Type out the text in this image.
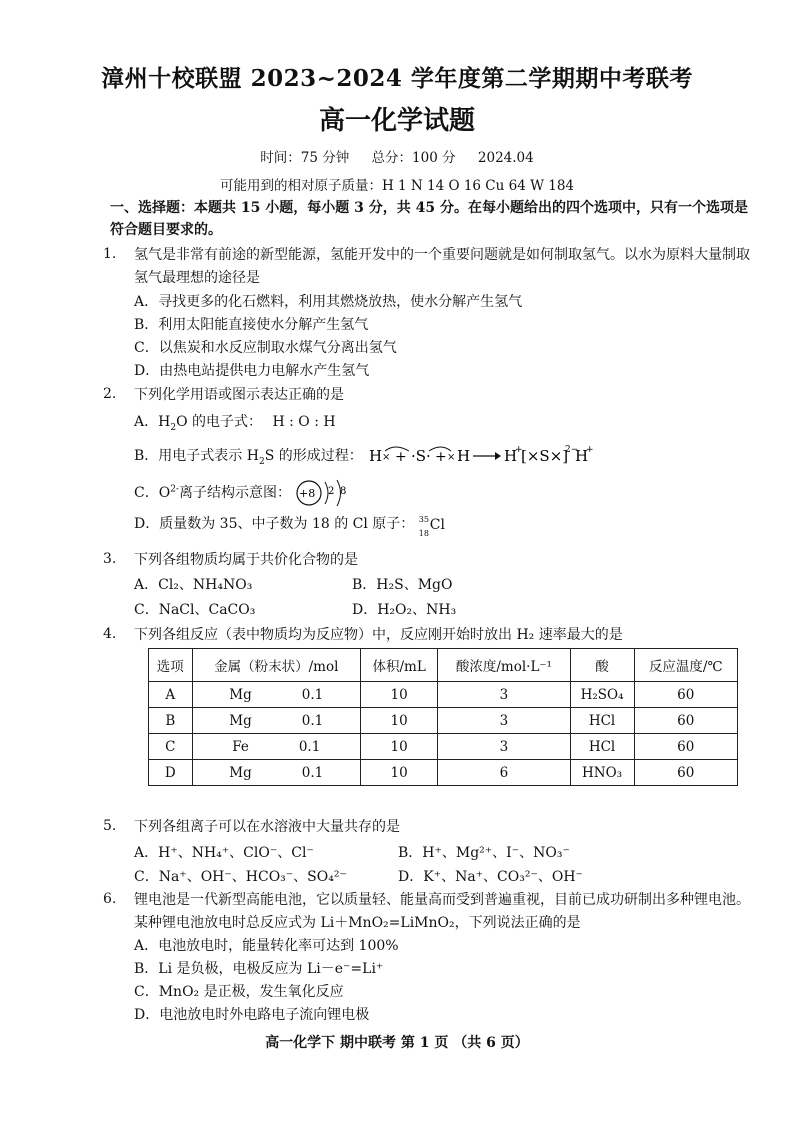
漳州十校联盟 2023~2024 学年度第二学期期中考联考
高一化学试题
时间：75 分钟 总分：100 分 2024.04
可能用到的相对原子质量：H 1 N 14 O 16 Cu 64 W 184
一、选择题：本题共 15 小题，每小题 3 分，共 45 分。在每小题给出的四个选项中，只有一个选项是符合题目要求的。
1. 氢气是非常有前途的新型能源，氢能开发中的一个重要问题就是如何制取氢气。以水为原料大量制取氢气最理想的途径是
A．寻找更多的化石燃料，利用其燃烧放热，使水分解产生氢气
B．利用太阳能直接使水分解产生氢气
C．以焦炭和水反应制取水煤气分离出氢气
D．由热电站提供电力电解水产生氢气
2. 下列化学用语或图示表达正确的是
A．$H_2O$ 的电子式： H : O : H
B．用电子式表示 $H_2S$ 的形成过程： H × + ·S· + × H H
+
[×S×]
2−
H
+
C．$O^{2-}$离子结构示意图： +8 2 8
D．质量数为 35、中子数为 18 的 Cl 原子： 35
18
Cl
3. 下列各组物质均属于共价化合物的是
A．Cl₂、NH₄NO₃	B．H₂S、MgO
C．NaCl、CaCO₃	D．H₂O₂、NH₃
4. 下列各组反应（表中物质均为反应物）中，反应刚开始时放出 H₂ 速率最大的是
选项	金属（粉末状）/mol	体积/mL	酸浓度/mol·L⁻¹	酸	反应温度/℃
A	Mg 0.1	10	3	H₂SO₄	60
B	Mg 0.1	10	3	HCl	60
C	Fe 0.1	10	3	HCl	60
D	Mg 0.1	10	6	HNO₃	60
5. 下列各组离子可以在水溶液中大量共存的是
A．H⁺、NH₄⁺、ClO⁻、Cl⁻	B．H⁺、Mg²⁺、I⁻、NO₃⁻
C．Na⁺、OH⁻、HCO₃⁻、SO₄²⁻	D．K⁺、Na⁺、CO₃²⁻、OH⁻
6. 锂电池是一代新型高能电池，它以质量轻、能量高而受到普遍重视，目前已成功研制出多种锂电池。某种锂电池放电时总反应式为 Li＋MnO₂=LiMnO₂，下列说法正确的是
A．电池放电时，能量转化率可达到 100%
B．Li 是负极，电极反应为 Li－e⁻=Li⁺
C．MnO₂ 是正极，发生氧化反应
D．电池放电时外电路电子流向锂电极
高一化学下 期中联考 第 1 页 （共 6 页）
